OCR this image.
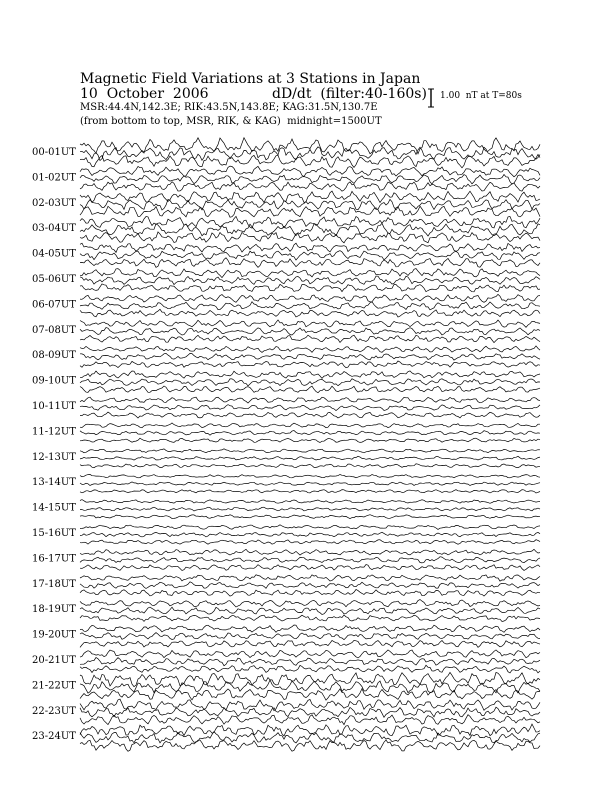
Magnetic Field Variations at 3 Stations in Japan
10  October  2006	dD/dt  (filter:40-160s)
MSR:44.4N,142.3E; RIK:43.5N,143.8E; KAG:31.5N,130.7E
(from bottom to top, MSR, RIK, & KAG)  midnight=1500UT
1.00  nT at T=80s
00-01UT
01-02UT
02-03UT
03-04UT
04-05UT
05-06UT
06-07UT
07-08UT
08-09UT
09-10UT
10-11UT
11-12UT
12-13UT
13-14UT
14-15UT
15-16UT
16-17UT
17-18UT
18-19UT
19-20UT
20-21UT
21-22UT
22-23UT
23-24UT
